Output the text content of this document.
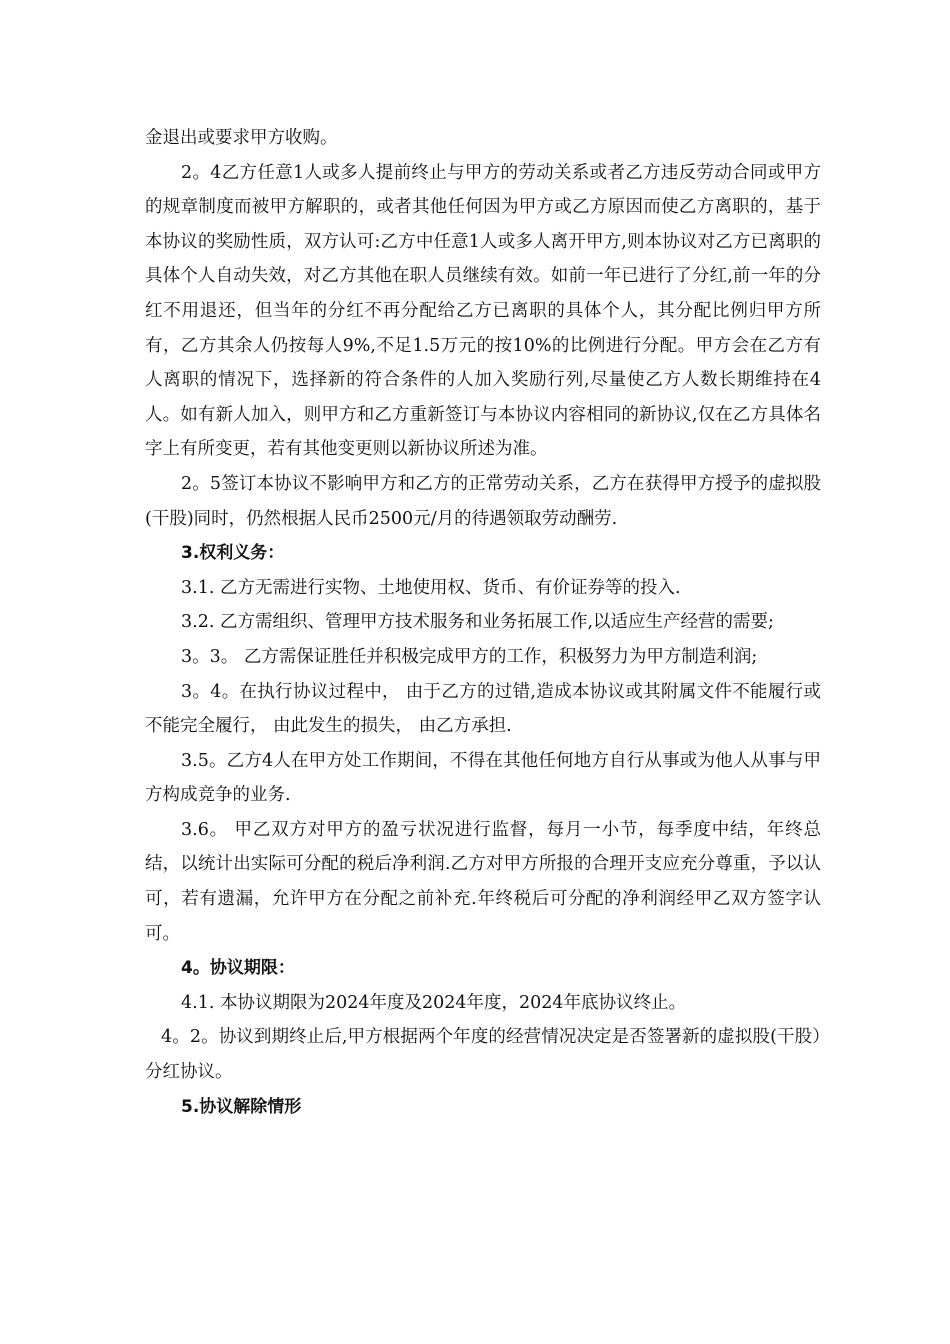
金退出或要求甲方收购。

2。4乙方任意1人或多人提前终止与甲方的劳动关系或者乙方违反劳动合同或甲方的规章制度而被甲方解职的，或者其他任何因为甲方或乙方原因而使乙方离职的，基于本协议的奖励性质，双方认可:乙方中任意1人或多人离开甲方,则本协议对乙方已离职的具体个人自动失效，对乙方其他在职人员继续有效。如前一年已进行了分红,前一年的分红不用退还，但当年的分红不再分配给乙方已离职的具体个人，其分配比例归甲方所有，乙方其余人仍按每人9%,不足1.5万元的按10%的比例进行分配。甲方会在乙方有人离职的情况下，选择新的符合条件的人加入奖励行列,尽量使乙方人数长期维持在4人。如有新人加入，则甲方和乙方重新签订与本协议内容相同的新协议,仅在乙方具体名字上有所变更，若有其他变更则以新协议所述为准。

2。5签订本协议不影响甲方和乙方的正常劳动关系，乙方在获得甲方授予的虚拟股(干股)同时，仍然根据人民币2500元/月的待遇领取劳动酬劳.

3.权利义务：

3.1. 乙方无需进行实物、土地使用权、货币、有价证券等的投入.

3.2. 乙方需组织、管理甲方技术服务和业务拓展工作,以适应生产经营的需要;

3。3。 乙方需保证胜任并积极完成甲方的工作，积极努力为甲方制造利润;

3。4。在执行协议过程中， 由于乙方的过错,造成本协议或其附属文件不能履行或不能完全履行， 由此发生的损失， 由乙方承担.

3.5。乙方4人在甲方处工作期间，不得在其他任何地方自行从事或为他人从事与甲方构成竞争的业务.

3.6。 甲乙双方对甲方的盈亏状况进行监督，每月一小节，每季度中结，年终总结，以统计出实际可分配的税后净利润.乙方对甲方所报的合理开支应充分尊重，予以认可，若有遗漏，允许甲方在分配之前补充.年终税后可分配的净利润经甲乙双方签字认可。

4。协议期限：

4.1. 本协议期限为2024年度及2024年度，2024年底协议终止。

4。2。协议到期终止后,甲方根据两个年度的经营情况决定是否签署新的虚拟股(干股）分红协议。

5.协议解除情形
